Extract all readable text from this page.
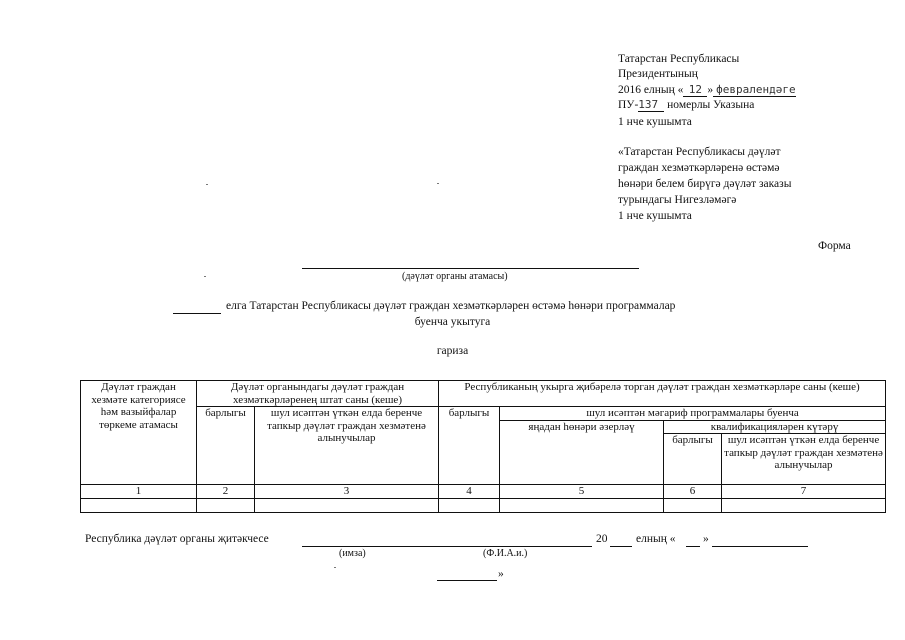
Татарстан Республикасы
Президентының
2016 елның « 12 » февралендәге
ПУ-137 номерлы Указына
1 нче кушымта
«Татарстан Республикасы дәүләт
граждан хезмәткәрләренә өстәмә
һөнәри белем бирүгә дәүләт заказы
турындагы Нигезләмәгә
1 нче кушымта
Форма
(дәүләт органы атамасы)
елга Татарстан Республикасы дәүләт граждан хезмәткәрләрен өстәмә һөнәри программалар
буенча укытуга
гариза
Дәүләт граждан хезмәте категориясе һәм вазыйфалар төркеме атамасы	Дәүләт органындагы дәүләт граждан хезмәткәрләренең штат саны (кеше)		Республиканың укырга җибәрелә торган дәүләт граждан хезмәткәрләре саны (кеше)			
	барлыгы	шул исәптән үткән елда беренче тапкыр дәүләт граждан хезмәтенә алынучылар	барлыгы	шул исәптән мәгариф программалары буенча		
				яңадан һөнәри әзерләү	квалификацияләрен күтәрү	
					барлыгы	шул исәптән үткән елда беренче тапкыр дәүләт граждан хезмәтенә алынучылар
1	2	3	4	5	6	7

Республика дәүләт органы җитәкчесе	20 елның « »
(имза)	(Ф.И.А.и.)
»
